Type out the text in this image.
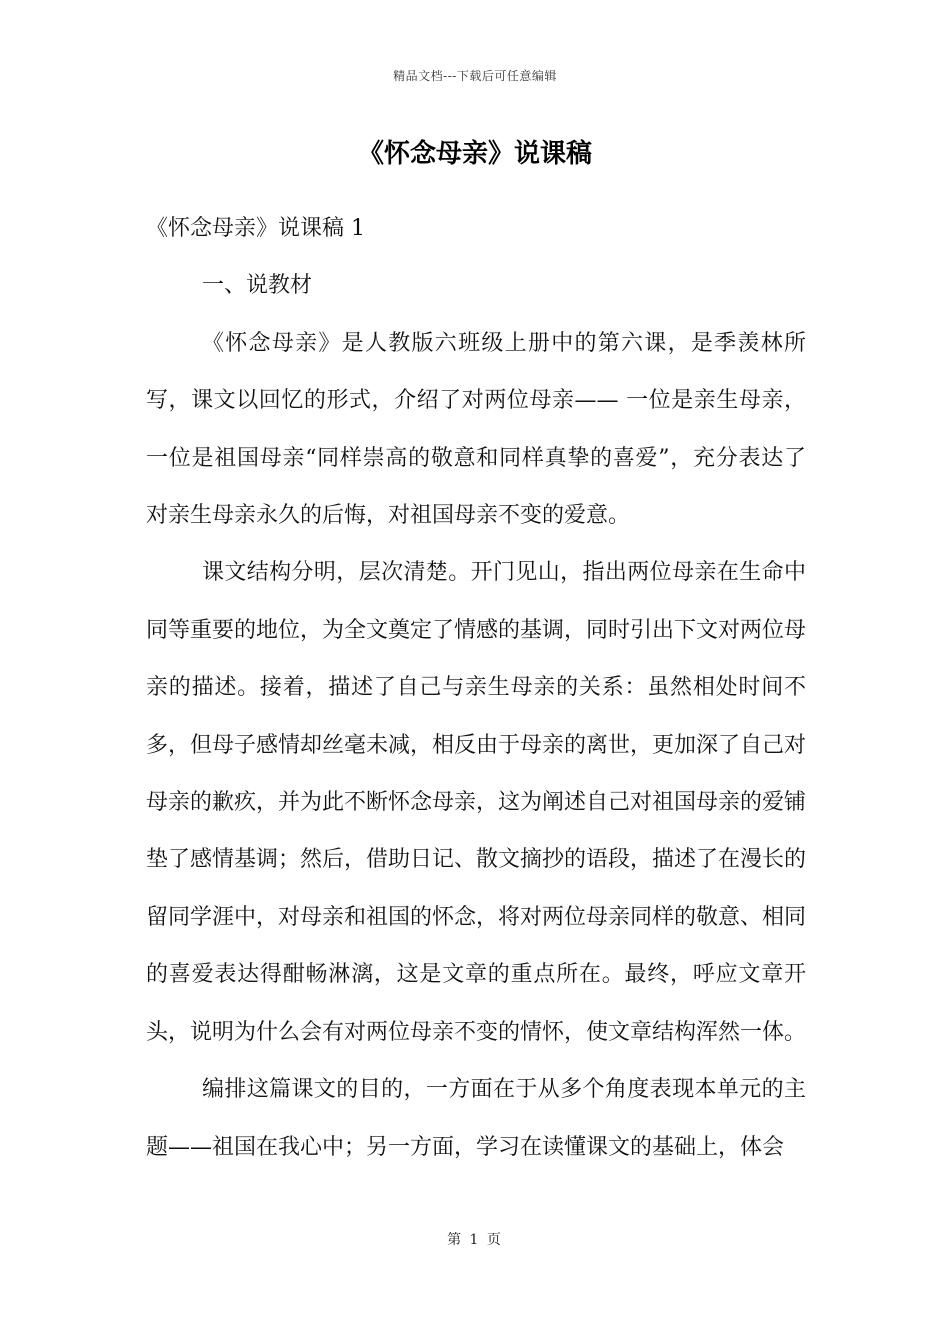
精品文档---下载后可任意编辑
《怀念母亲》说课稿

《怀念母亲》说课稿 1

一、说教材

《怀念母亲》是人教版六班级上册中的第六课，是季羡林所写，课文以回忆的形式，介绍了对两位母亲—— 一位是亲生母亲，一位是祖国母亲“同样崇高的敬意和同样真挚的喜爱”，充分表达了对亲生母亲永久的后悔，对祖国母亲不变的爱意。

课文结构分明，层次清楚。开门见山，指出两位母亲在生命中同等重要的地位，为全文奠定了情感的基调，同时引出下文对两位母亲的描述。接着，描述了自己与亲生母亲的关系：虽然相处时间不多，但母子感情却丝毫未减，相反由于母亲的离世，更加深了自己对母亲的歉疚，并为此不断怀念母亲，这为阐述自己对祖国母亲的爱铺垫了感情基调；然后，借助日记、散文摘抄的语段，描述了在漫长的留同学涯中，对母亲和祖国的怀念，将对两位母亲同样的敬意、相同的喜爱表达得酣畅淋漓，这是文章的重点所在。最终，呼应文章开头，说明为什么会有对两位母亲不变的情怀，使文章结构浑然一体。

编排这篇课文的目的，一方面在于从多个角度表现本单元的主题——祖国在我心中；另一方面，学习在读懂课文的基础上，体会

第 1 页
